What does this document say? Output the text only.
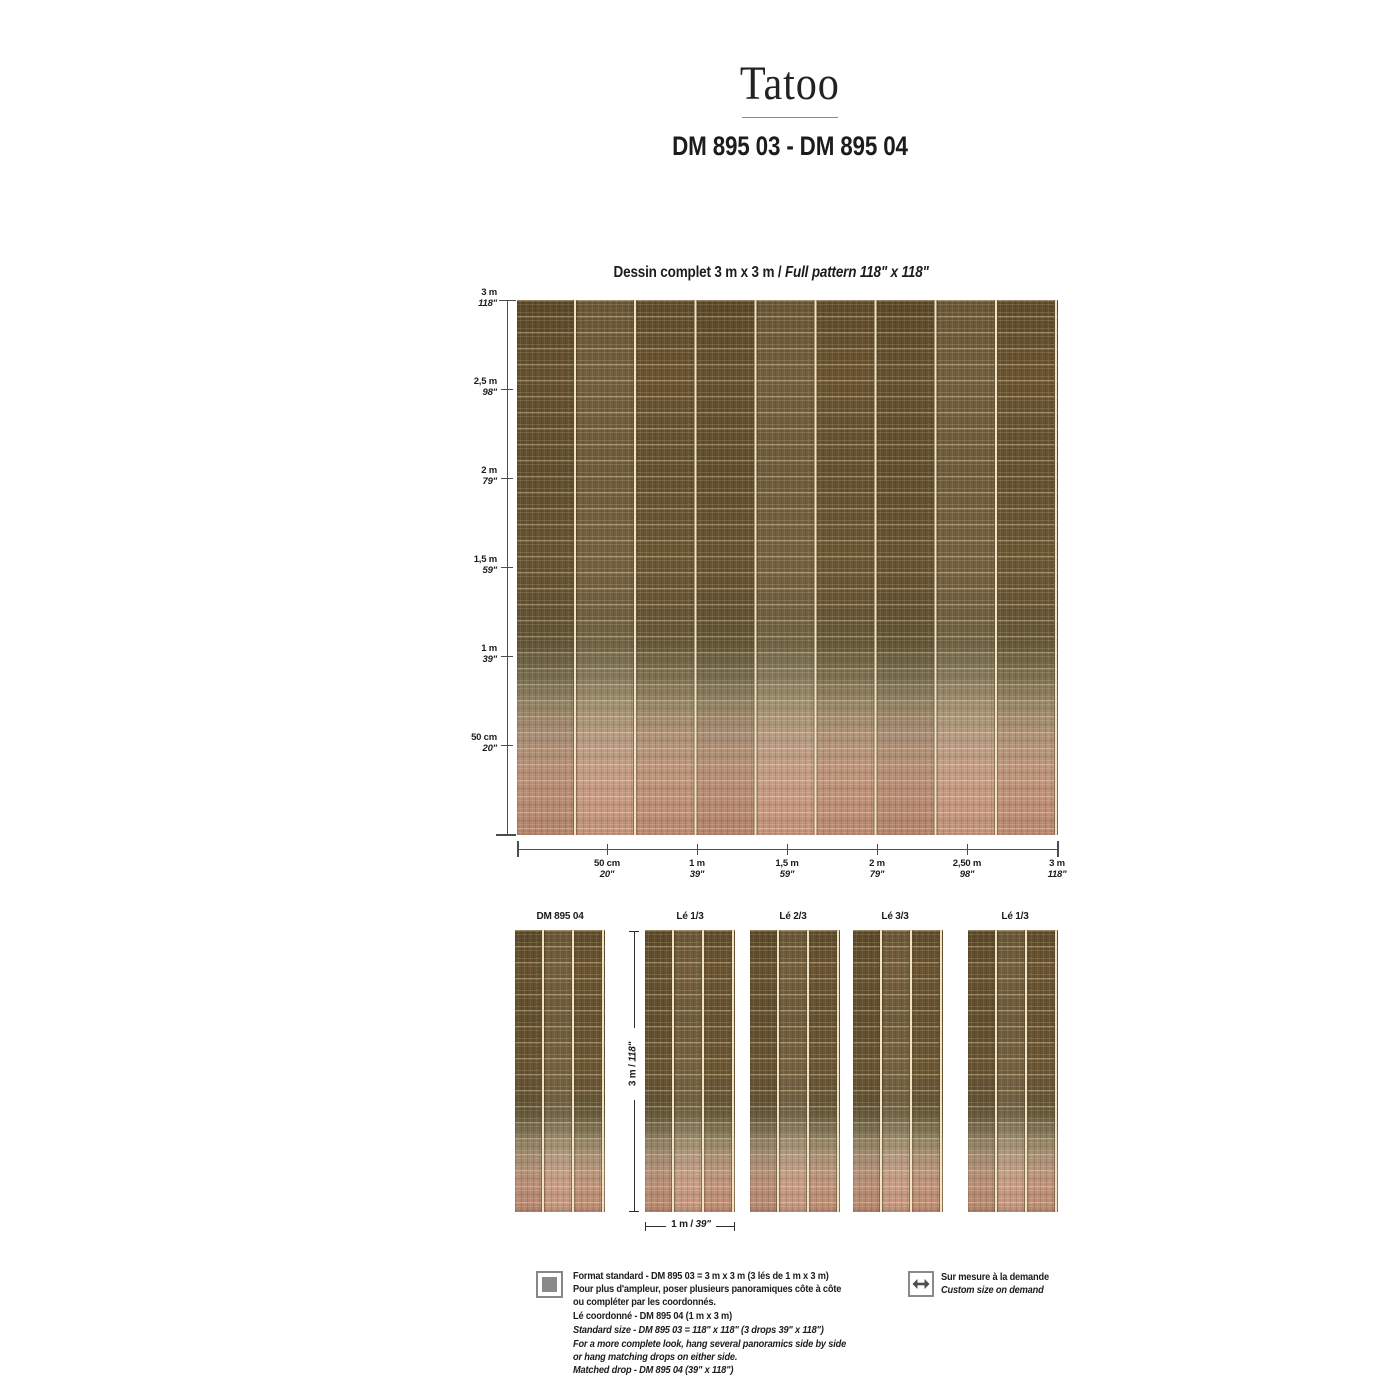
Tatoo
DM 895 03 - DM 895 04
Dessin complet 3 m x 3 m / Full pattern 118" x 118"
3 m
118"
2,5 m
98"
2 m
79"
1,5 m
59"
1 m
39"
50 cm
20"
50 cm
20"
1 m
39"
1,5 m
59"
2 m
79"
2,50 m
98"
3 m
118"
DM 895 04	Lé 1/3	Lé 2/3	Lé 3/3	Lé 1/3
3 m / 118"
1 m / 39"
Format standard - DM 895 03 = 3 m x 3 m (3 lés de 1 m x 3 m)
Pour plus d'ampleur, poser plusieurs panoramiques côte à côte
ou compléter par les coordonnés.
Lé coordonné - DM 895 04 (1 m x 3 m)
Standard size - DM 895 03 = 118" x 118" (3 drops 39" x 118")
For a more complete look, hang several panoramics side by side
or hang matching drops on either side.
Matched drop - DM 895 04 (39" x 118")
Sur mesure à la demande
Custom size on demand
